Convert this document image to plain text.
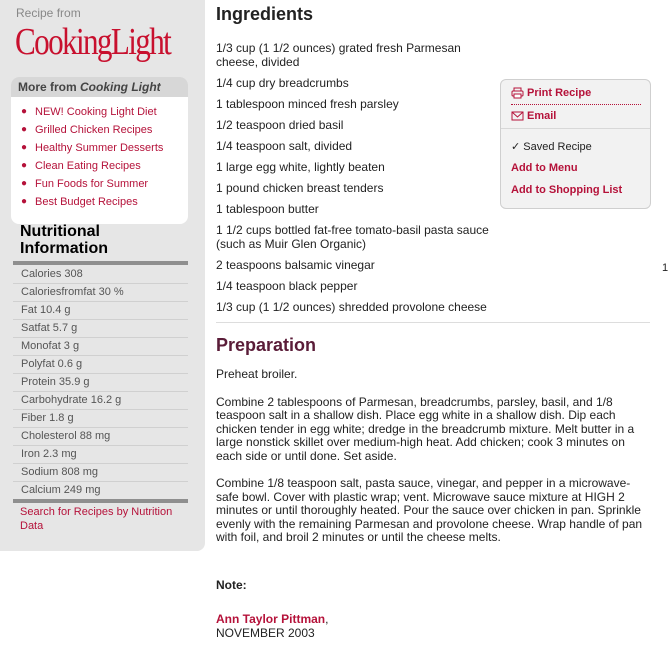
Recipe from
CookingLight
More from Cooking Light
● NEW! Cooking Light Diet
● Grilled Chicken Recipes
● Healthy Summer Desserts
● Clean Eating Recipes
● Fun Foods for Summer
● Best Budget Recipes
Nutritional
Information
Calories 308
Caloriesfromfat 30 %
Fat 10.4 g
Satfat 5.7 g
Monofat 3 g
Polyfat 0.6 g
Protein 35.9 g
Carbohydrate 16.2 g
Fiber 1.8 g
Cholesterol 88 mg
Iron 2.3 mg
Sodium 808 mg
Calcium 249 mg
Search for Recipes by Nutrition Data
Ingredients
1/3 cup (1 1/2 ounces) grated fresh Parmesan cheese, divided
1/4 cup dry breadcrumbs
1 tablespoon minced fresh parsley
1/2 teaspoon dried basil
1/4 teaspoon salt, divided
1 large egg white, lightly beaten
1 pound chicken breast tenders
1 tablespoon butter
1 1/2 cups bottled fat-free tomato-basil pasta sauce (such as Muir Glen Organic)
2 teaspoons balsamic vinegar
1/4 teaspoon black pepper
1/3 cup (1 1/2 ounces) shredded provolone cheese
Preparation

Preheat broiler.

Combine 2 tablespoons of Parmesan, breadcrumbs, parsley, basil, and 1/8 teaspoon salt in a shallow dish. Place egg white in a shallow dish. Dip each chicken tender in egg white; dredge in the breadcrumb mixture. Melt butter in a large nonstick skillet over medium-high heat. Add chicken; cook 3 minutes on each side or until done. Set aside.

Combine 1/8 teaspoon salt, pasta sauce, vinegar, and pepper in a microwave-safe bowl. Cover with plastic wrap; vent. Microwave sauce mixture at HIGH 2 minutes or until thoroughly heated. Pour the sauce over chicken in pan. Sprinkle evenly with the remaining Parmesan and provolone cheese. Wrap handle of pan with foil, and broil 2 minutes or until the cheese melts.

Note:
Ann Taylor Pittman,
NOVEMBER 2003
Print Recipe
Email
✓ Saved Recipe
Add to Menu
Add to Shopping List
1
